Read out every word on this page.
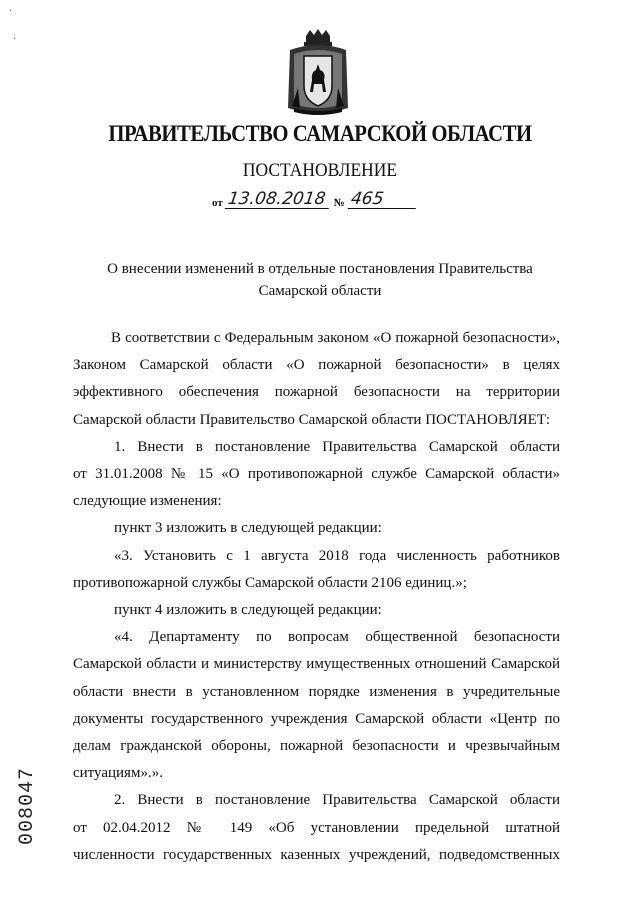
·
·
ПРАВИТЕЛЬСТВО САМАРСКОЙ ОБЛАСТИ
ПОСТАНОВЛЕНИЕ
от 13.08.2018 № 465
О внесении изменений в отдельные постановления Правительства
Самарской области

В соответствии с Федеральным законом «О пожарной безопасности»,

Законом Самарской области «О пожарной безопасности» в целях

эффективного обеспечения пожарной безопасности на территории

Самарской области Правительство Самарской области ПОСТАНОВЛЯЕТ:

1. Внести в постановление Правительства Самарской области

от 31.01.2008 № 15 «О противопожарной службе Самарской области»

следующие изменения:

пункт 3 изложить в следующей редакции:

«3. Установить с 1 августа 2018 года численность работников

противопожарной службы Самарской области 2106 единиц.»;

пункт 4 изложить в следующей редакции:

«4. Департаменту по вопросам общественной безопасности

Самарской области и министерству имущественных отношений Самарской

области внести в установленном порядке изменения в учредительные

документы государственного учреждения Самарской области «Центр по

делам гражданской обороны, пожарной безопасности и чрезвычайным

ситуациям».».

2. Внести в постановление Правительства Самарской области

от 02.04.2012 № 149 «Об установлении предельной штатной

численности государственных казенных учреждений, подведомственных

008047
